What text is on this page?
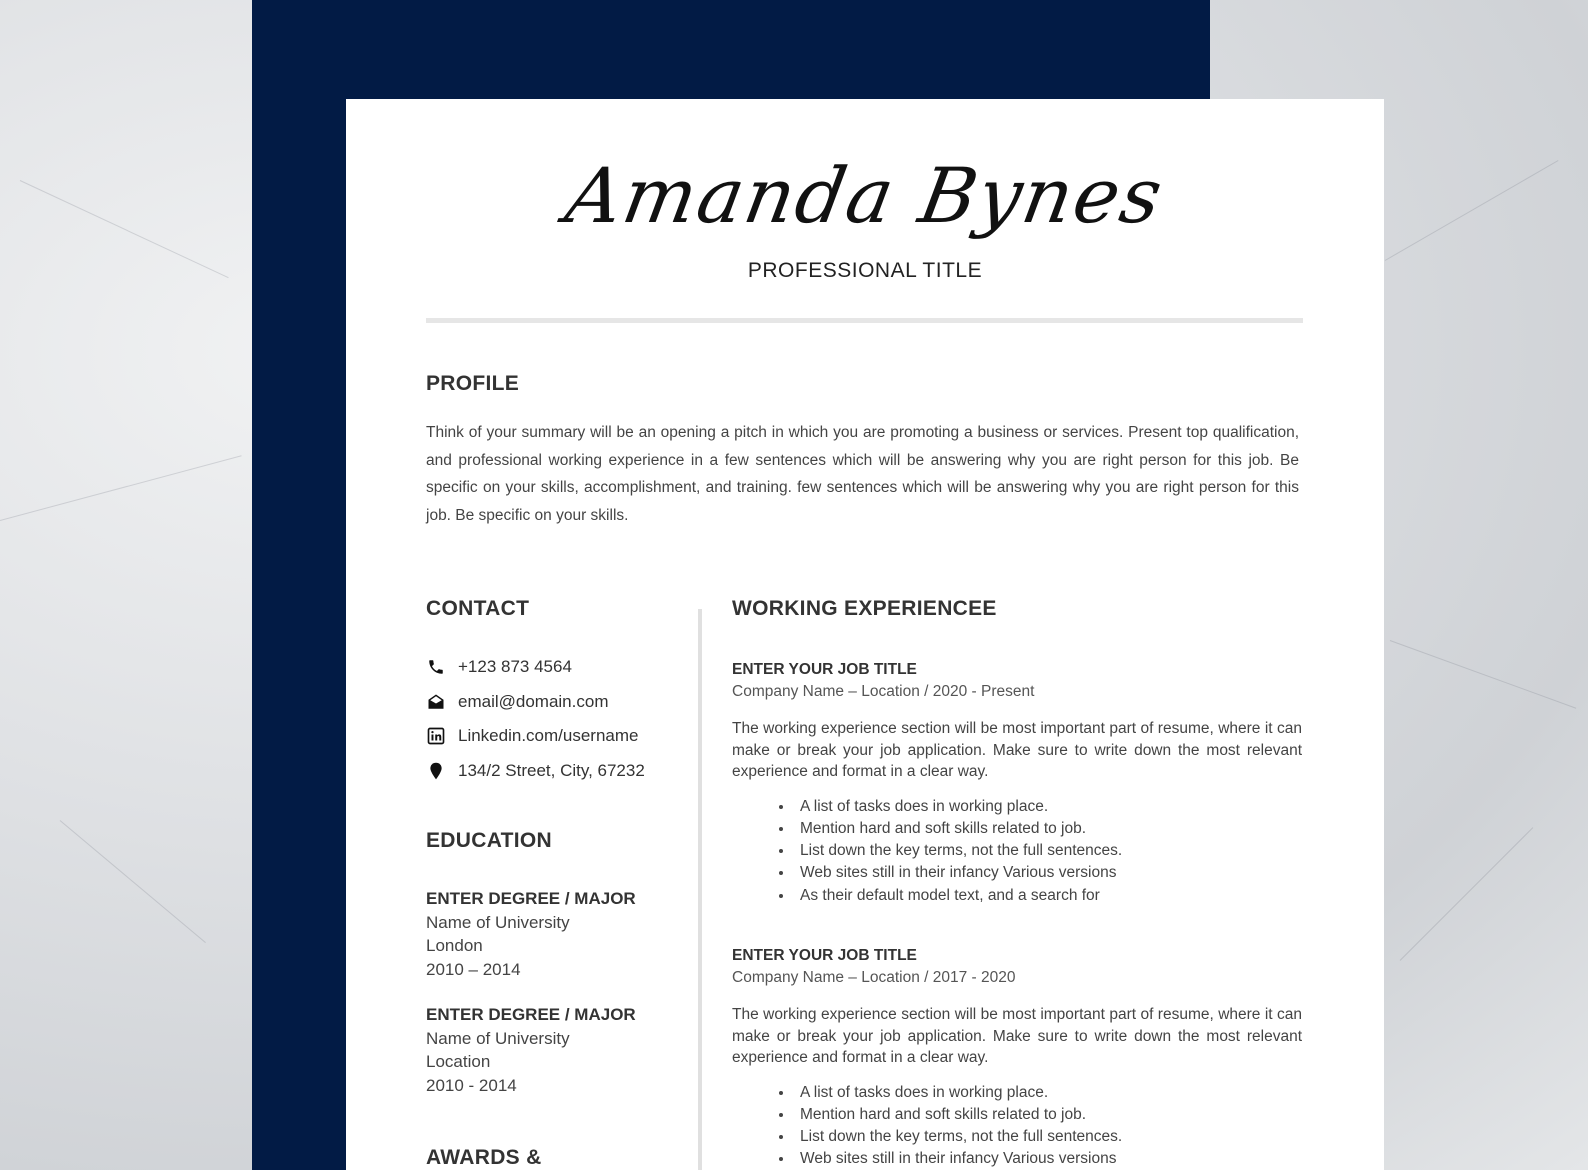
Amanda Bynes
PROFESSIONAL TITLE
PROFILE
Think of your summary will be an opening a pitch in which you are promoting a business or services. Present top qualification, and professional working experience in a few sentences which will be answering why you are right person for this job. Be specific on your skills, accomplishment, and training. few sentences which will be answering why you are right person for this job. Be specific on your skills.
CONTACT
+123 873 4564
email@domain.com
Linkedin.com/username
134/2 Street, City, 67232
EDUCATION
ENTER DEGREE / MAJOR
Name of University
London
2010 – 2014
ENTER DEGREE / MAJOR
Name of University
Location
2010 - 2014
AWARDS &
WORKING EXPERIENCEE
ENTER YOUR JOB TITLE
Company Name – Location / 2020 - Present
The working experience section will be most important part of resume, where it can make or break your job application. Make sure to write down the most relevant experience and format in a clear way.
• A list of tasks does in working place.
• Mention hard and soft skills related to job.
• List down the key terms, not the full sentences.
• Web sites still in their infancy Various versions
• As their default model text, and a search for
ENTER YOUR JOB TITLE
Company Name – Location / 2017 - 2020
The working experience section will be most important part of resume, where it can make or break your job application. Make sure to write down the most relevant experience and format in a clear way.
• A list of tasks does in working place.
• Mention hard and soft skills related to job.
• List down the key terms, not the full sentences.
• Web sites still in their infancy Various versions
